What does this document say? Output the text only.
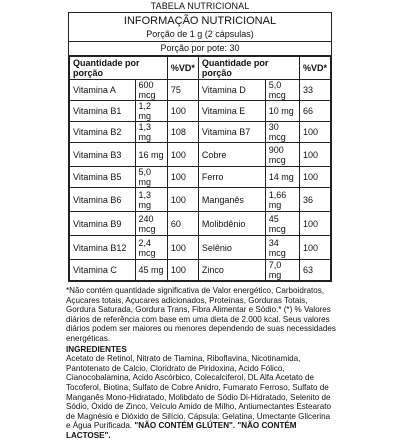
TABELA NUTRICIONAL
INFORMAÇÃO NUTRICIONAL
Porção de 1 g (2 cápsulas)
Porção por pote: 30
Quantidade por porção		%VD*	Quantidade por porção		%VD*
Vitamina A	600 mcg	75	Vitamina D	5,0 mcg	33
Vitamina B1	1,2 mg	100	Vitamina E	10 mg	66
Vitamina B2	1,3 mg	108	Vitamina B7	30 mcg	100
Vitamina B3	16 mg	100	Cobre	900 mcg	100
Vitamina B5	5,0 mg	100	Ferro	14 mg	100
Vitamina B6	1,3 mg	100	Manganês	1,66 mg	36
Vitamina B9	240 mcg	60	Molibdênio	45 mcg	100
Vitamina B12	2,4 mcg	100	Selênio	34 mcg	100
Vitamina C	45 mg	100	Zinco	7,0 mg	63

*Não contém quantidade significativa de Valor energético, Carboidratos, Açucares totais, Açucares adicionados, Proteínas, Gorduras Totais, Gordura Saturada, Gordura Trans, Fibra Alimentar e Sódio.* (*) % Valores diários de referência com base em uma dieta de 2.000 kcal. Seus valores diários podem ser maiores ou menores dependendo de suas necessidades energéticas.

INGREDIENTES

Acetato de Retinol, Nitrato de Tiamina, Riboflavina, Nicotinamida, Pantotenato de Calcio, Cloridrato de Piridoxina, Acido Fólico, Cianocobalamina, Acido Ascórbico, Colecalciferol, DL Alfa Acetato de Tocoferol, Biotina, Sulfato de Cobre Anidro, Fumarato Ferroso, Sulfato de Manganês Mono-Hidratado, Molibdato de Sódio Di-Hidratado, Selenito de Sódio, Óxido de Zinco, Veículo Amido de Milho, Antiumectantes Estearato de Magnésio e Dióxido de Silício. Cápsula: Gelatina, Umectante Glicerina e Água Purificada. "NÃO CONTÉM GLÚTEN". "NÃO CONTÉM LACTOSE".
